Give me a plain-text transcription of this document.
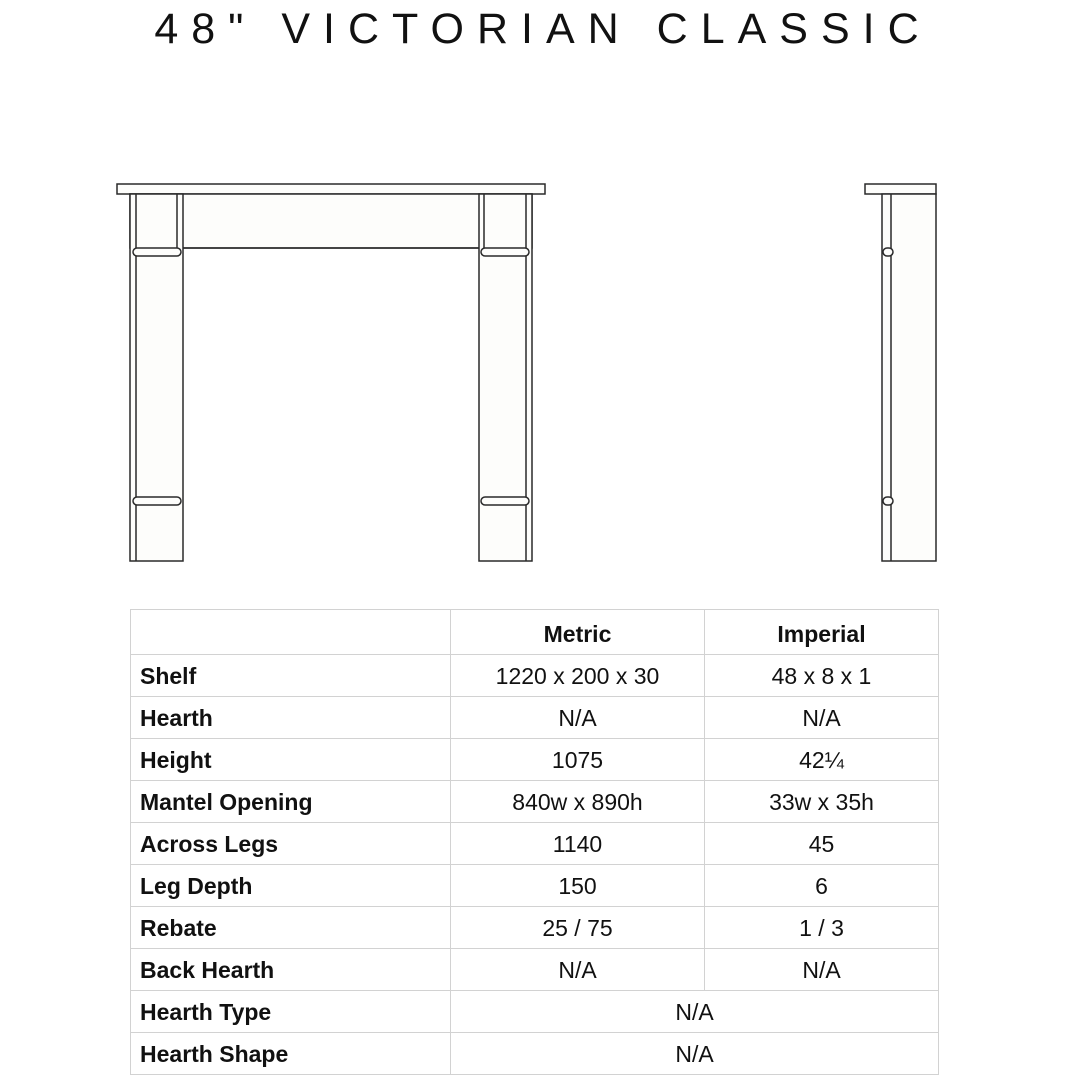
48" VICTORIAN CLASSIC
	Metric	Imperial
Shelf	1220 x 200 x 30	48 x 8 x 1
Hearth	N/A	N/A
Height	1075	42¼
Mantel Opening	840w x 890h	33w x 35h
Across Legs	1140	45
Leg Depth	150	6
Rebate	25 / 75	1 / 3
Back Hearth	N/A	N/A
Hearth Type	N/A	
Hearth Shape	N/A	
